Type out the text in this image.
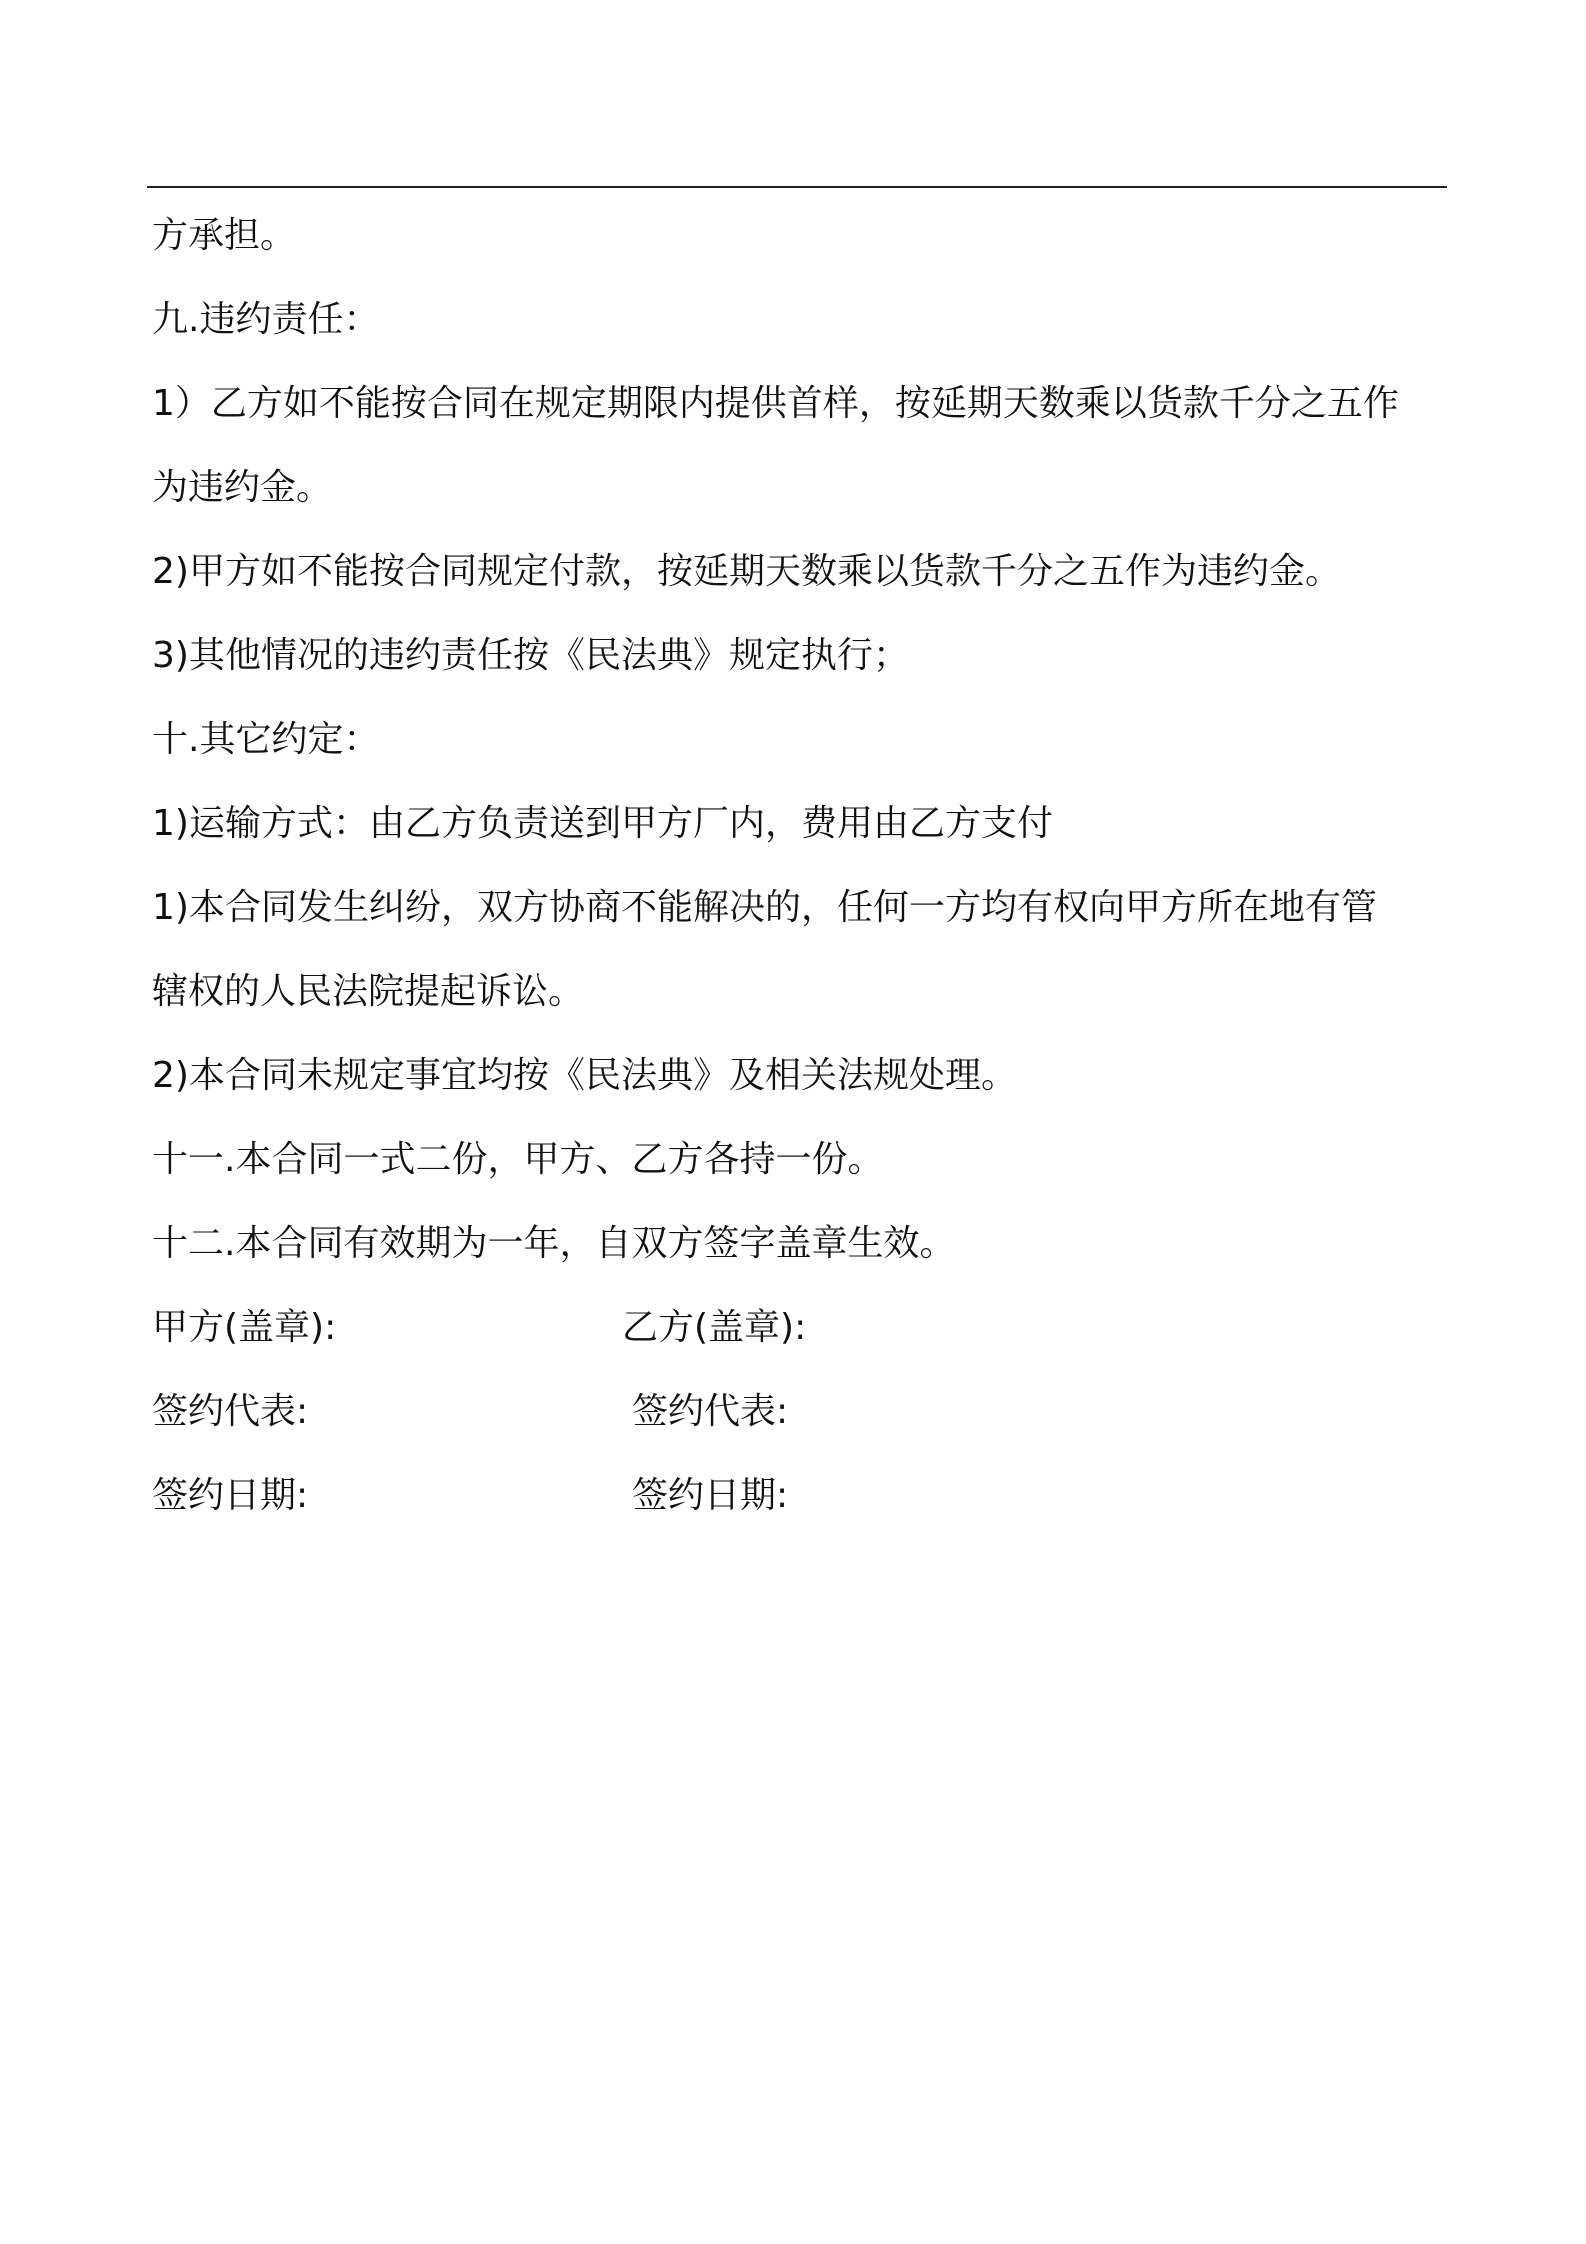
方承担。
九.违约责任：
1）乙方如不能按合同在规定期限内提供首样，按延期天数乘以货款千分之五作
为违约金。
2)甲方如不能按合同规定付款，按延期天数乘以货款千分之五作为违约金。
3)其他情况的违约责任按《民法典》规定执行；
十.其它约定：
1)运输方式：由乙方负责送到甲方厂内，费用由乙方支付
1)本合同发生纠纷，双方协商不能解决的，任何一方均有权向甲方所在地有管
辖权的人民法院提起诉讼。
2)本合同未规定事宜均按《民法典》及相关法规处理。
十一.本合同一式二份，甲方、乙方各持一份。
十二.本合同有效期为一年，自双方签字盖章生效。
甲方(盖章):	乙方(盖章):
签约代表:	签约代表:
签约日期:	签约日期:
